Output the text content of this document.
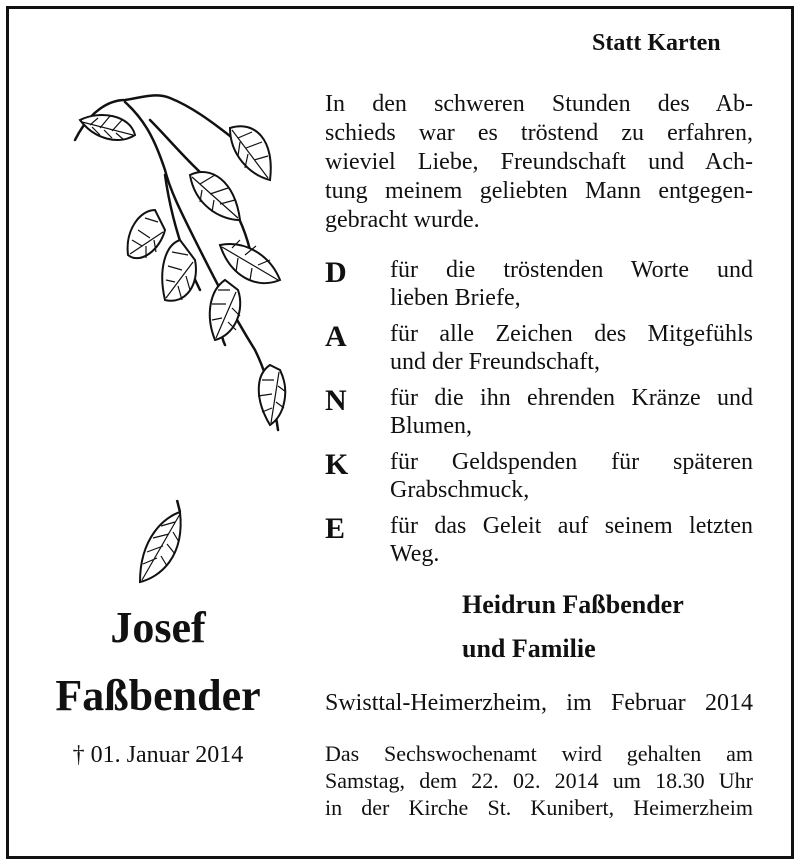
Statt Karten
In den schweren Stunden des Ab-
schieds war es tröstend zu erfahren,
wieviel Liebe, Freundschaft und Ach-
tung meinem geliebten Mann entgegen-
gebracht wurde.
D	für die tröstenden Worte und
lieben Briefe,
A	für alle Zeichen des Mitgefühls
und der Freundschaft,
N	für die ihn ehrenden Kränze und
Blumen,
K	für Geldspenden für späteren
Grabschmuck,
E	für das Geleit auf seinem letzten
Weg.
Heidrun Faßbender
und Familie
Swisttal-Heimerzheim, im Februar 2014
Das Sechswochenamt wird gehalten am
Samstag, dem 22. 02. 2014 um 18.30 Uhr
in der Kirche St. Kunibert, Heimerzheim
Josef
Faßbender
† 01. Januar 2014
